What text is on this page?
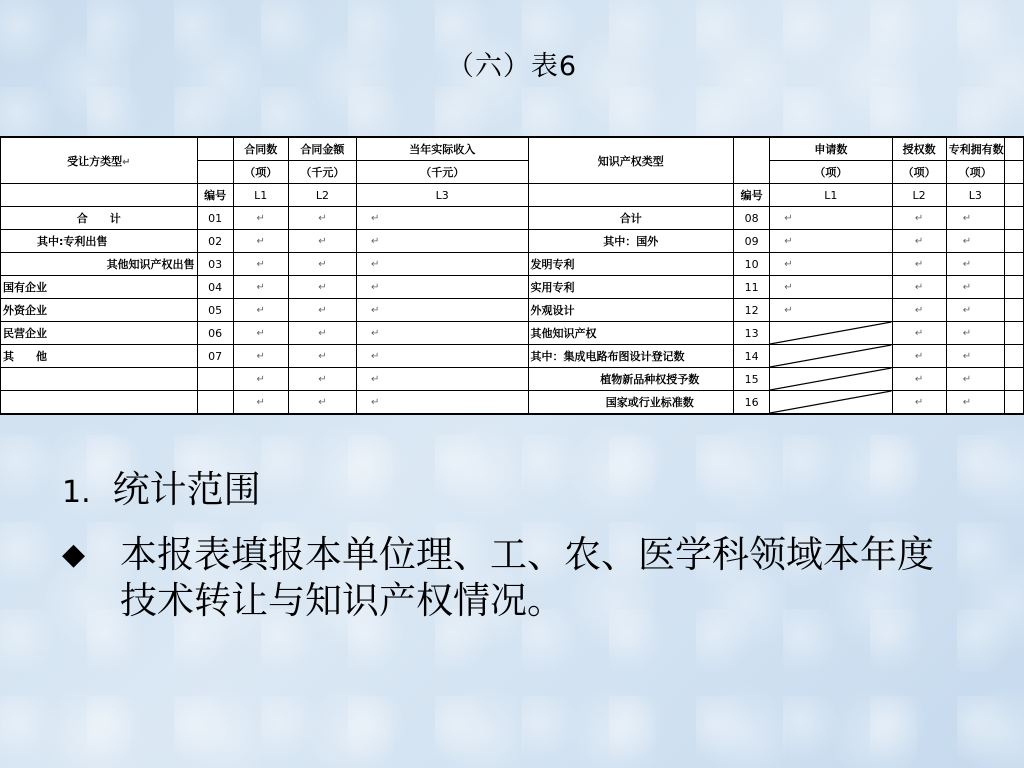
（六）表6
受让方类型↵		合同数	合同金额	当年实际收入	知识产权类型		申请数	授权数	专利拥有数	
		（项）	（千元）	（千元）			（项）	（项）	（项）	
	编号	L1	L2	L3		编号	L1	L2	L3	
合　　计	01	↵	↵	↵	合计	08	↵	↵	↵	
其中:专利出售	02	↵	↵	↵	其中：国外	09	↵	↵	↵	
其他知识产权出售	03	↵	↵	↵	发明专利	10	↵	↵	↵	
国有企业	04	↵	↵	↵	实用专利	11	↵	↵	↵	
外资企业	05	↵	↵	↵	外观设计	12	↵	↵	↵	
民营企业	06	↵	↵	↵	其他知识产权	13		↵	↵	
其　　他	07	↵	↵	↵	其中：集成电路布图设计登记数	14		↵	↵	
		↵	↵	↵	植物新品种权授予数	15		↵	↵	
		↵	↵	↵	国家或行业标准数	16		↵	↵	
1. 统计范围
◆ 本报表填报本单位理、工、农、医学科领域本年度技术转让与知识产权情况。
